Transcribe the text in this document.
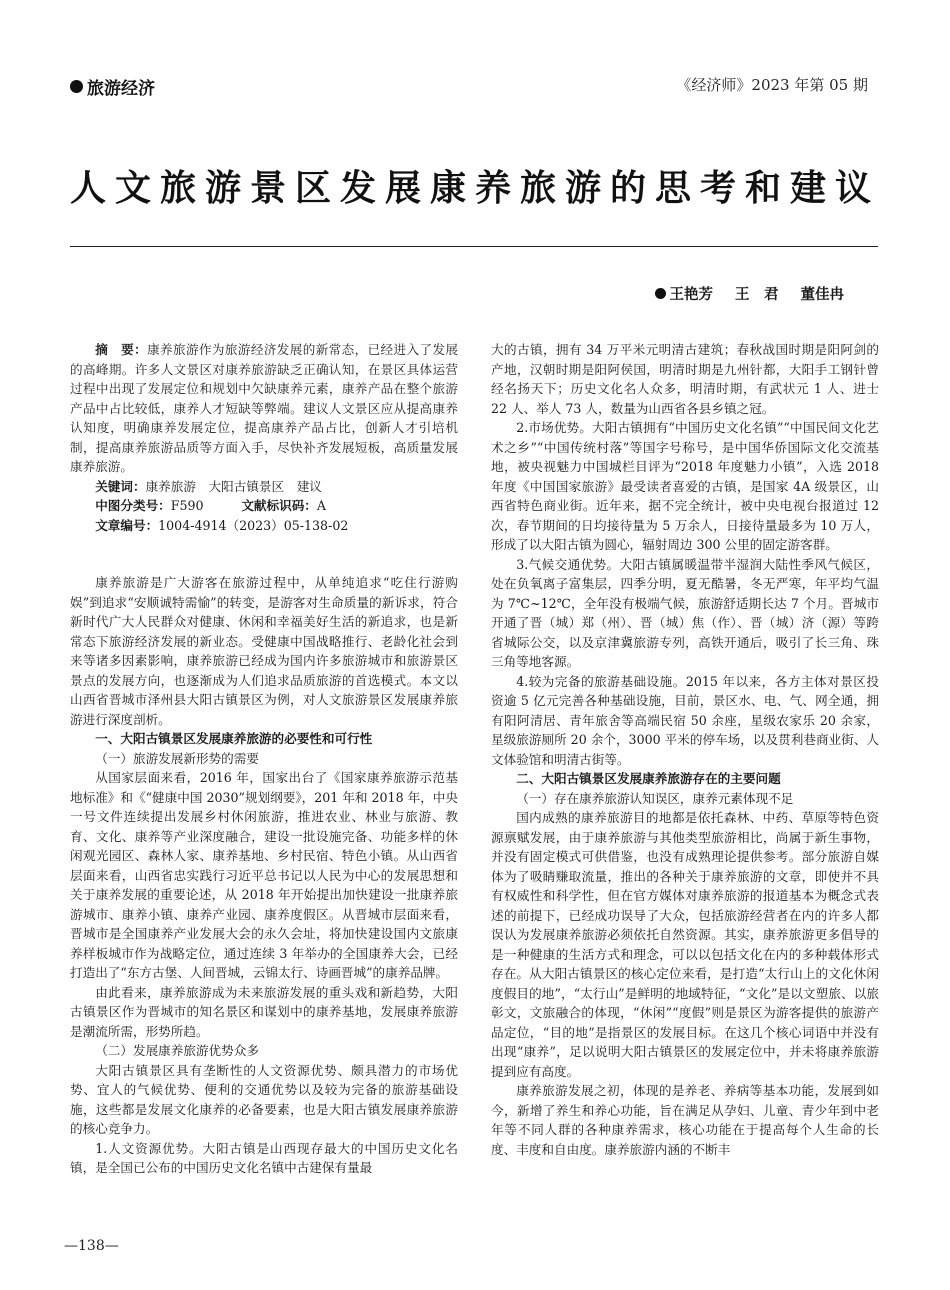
旅游经济	《经济师》2023 年第 05 期
人文旅游景区发展康养旅游的思考和建议
王艳芳 王　君 董佳冉

摘　要：康养旅游作为旅游经济发展的新常态，已经进入了发展的高峰期。许多人文景区对康养旅游缺乏正确认知，在景区具体运营过程中出现了发展定位和规划中欠缺康养元素，康养产品在整个旅游产品中占比较低，康养人才短缺等弊端。建议人文景区应从提高康养认知度，明确康养发展定位，提高康养产品占比，创新人才引培机制，提高康养旅游品质等方面入手，尽快补齐发展短板，高质量发展康养旅游。

关键词：康养旅游　大阳古镇景区　建议
中图分类号：F590　　　	文献标识码：A
文章编号：1004-4914（2023）05-138-02

康养旅游是广大游客在旅游过程中，从单纯追求“吃住行游购娱”到追求“安顺诚特需愉”的转变，是游客对生命质量的新诉求，符合新时代广大人民群众对健康、休闲和幸福美好生活的新追求，也是新常态下旅游经济发展的新业态。受健康中国战略推行、老龄化社会到来等诸多因素影响，康养旅游已经成为国内许多旅游城市和旅游景区景点的发展方向，也逐渐成为人们追求品质旅游的首选模式。本文以山西省晋城市泽州县大阳古镇景区为例，对人文旅游景区发展康养旅游进行深度剖析。

一、大阳古镇景区发展康养旅游的必要性和可行性

（一）旅游发展新形势的需要

从国家层面来看，2016 年，国家出台了《国家康养旅游示范基地标准》和《“健康中国 2030”规划纲要》，201 年和 2018 年，中央一号文件连续提出发展乡村休闲旅游，推进农业、林业与旅游、教育、文化、康养等产业深度融合，建设一批设施完备、功能多样的休闲观光园区、森林人家、康养基地、乡村民宿、特色小镇。从山西省层面来看，山西省忠实践行习近平总书记以人民为中心的发展思想和关于康养发展的重要论述，从 2018 年开始提出加快建设一批康养旅游城市、康养小镇、康养产业园、康养度假区。从晋城市层面来看，晋城市是全国康养产业发展大会的永久会址，将加快建设国内文旅康养样板城市作为战略定位，通过连续 3 年举办的全国康养大会，已经打造出了“东方古堡、人间晋城，云锦太行、诗画晋城”的康养品牌。

由此看来，康养旅游成为未来旅游发展的重头戏和新趋势，大阳古镇景区作为晋城市的知名景区和谋划中的康养基地，发展康养旅游是潮流所需，形势所趋。

（二）发展康养旅游优势众多

大阳古镇景区具有垄断性的人文资源优势、颇具潜力的市场优势、宜人的气候优势、便利的交通优势以及较为完备的旅游基础设施，这些都是发展文化康养的必备要素，也是大阳古镇发展康养旅游的核心竞争力。

1.人文资源优势。大阳古镇是山西现存最大的中国历史文化名镇，是全国已公布的中国历史文化名镇中古建保有量最

大的古镇，拥有 34 万平米元明清古建筑；春秋战国时期是阳阿剑的产地，汉朝时期是阳阿侯国，明清时期是九州针都，大阳手工钢针曾经名扬天下；历史文化名人众多，明清时期，有武状元 1 人、进士 22 人、举人 73 人，数量为山西省各县乡镇之冠。

2.市场优势。大阳古镇拥有“中国历史文化名镇”“中国民间文化艺术之乡”“中国传统村落”等国字号称号，是中国华侨国际文化交流基地，被央视魅力中国城栏目评为“2018 年度魅力小镇”，入选 2018 年度《中国国家旅游》最受读者喜爱的古镇，是国家 4A 级景区，山西省特色商业街。近年来，据不完全统计，被中央电视台报道过 12 次，春节期间的日均接待量为 5 万余人，日接待量最多为 10 万人，形成了以大阳古镇为圆心，辐射周边 300 公里的固定游客群。

3.气候交通优势。大阳古镇属暖温带半湿润大陆性季风气候区，处在负氧离子富集层，四季分明，夏无酷暑，冬无严寒，年平均气温为 7℃~12℃，全年没有极端气候，旅游舒适期长达 7 个月。晋城市开通了晋（城）郑（州）、晋（城）焦（作）、晋（城）济（源）等跨省城际公交，以及京津冀旅游专列，高铁开通后，吸引了长三角、珠三角等地客源。

4.较为完备的旅游基础设施。2015 年以来，各方主体对景区投资逾 5 亿元完善各种基础设施，目前，景区水、电、气、网全通，拥有阳阿清居、青年旅舍等高端民宿 50 余座，星级农家乐 20 余家，星级旅游厕所 20 余个，3000 平米的停车场，以及贯利巷商业街、人文体验馆和明清古街等。

二、大阳古镇景区发展康养旅游存在的主要问题

（一）存在康养旅游认知误区，康养元素体现不足

国内成熟的康养旅游目的地都是依托森林、中药、草原等特色资源禀赋发展，由于康养旅游与其他类型旅游相比，尚属于新生事物，并没有固定模式可供借鉴，也没有成熟理论提供参考。部分旅游自媒体为了吸睛赚取流量，推出的各种关于康养旅游的文章，即使并不具有权威性和科学性，但在官方媒体对康养旅游的报道基本为概念式表述的前提下，已经成功误导了大众，包括旅游经营者在内的许多人都误认为发展康养旅游必须依托自然资源。其实，康养旅游更多倡导的是一种健康的生活方式和理念，可以以包括文化在内的多种载体形式存在。从大阳古镇景区的核心定位来看，是打造“太行山上的文化休闲度假目的地”，“太行山”是鲜明的地域特征，“文化”是以文塑旅、以旅彰文，文旅融合的体现，“休闲”“度假”则是景区为游客提供的旅游产品定位，“目的地”是指景区的发展目标。在这几个核心词语中并没有出现“康养”，足以说明大阳古镇景区的发展定位中，并未将康养旅游提到应有高度。

康养旅游发展之初，体现的是养老、养病等基本功能，发展到如今，新增了养生和养心功能，旨在满足从孕妇、儿童、青少年到中老年等不同人群的各种康养需求，核心功能在于提高每个人生命的长度、丰度和自由度。康养旅游内涵的不断丰

—138—
